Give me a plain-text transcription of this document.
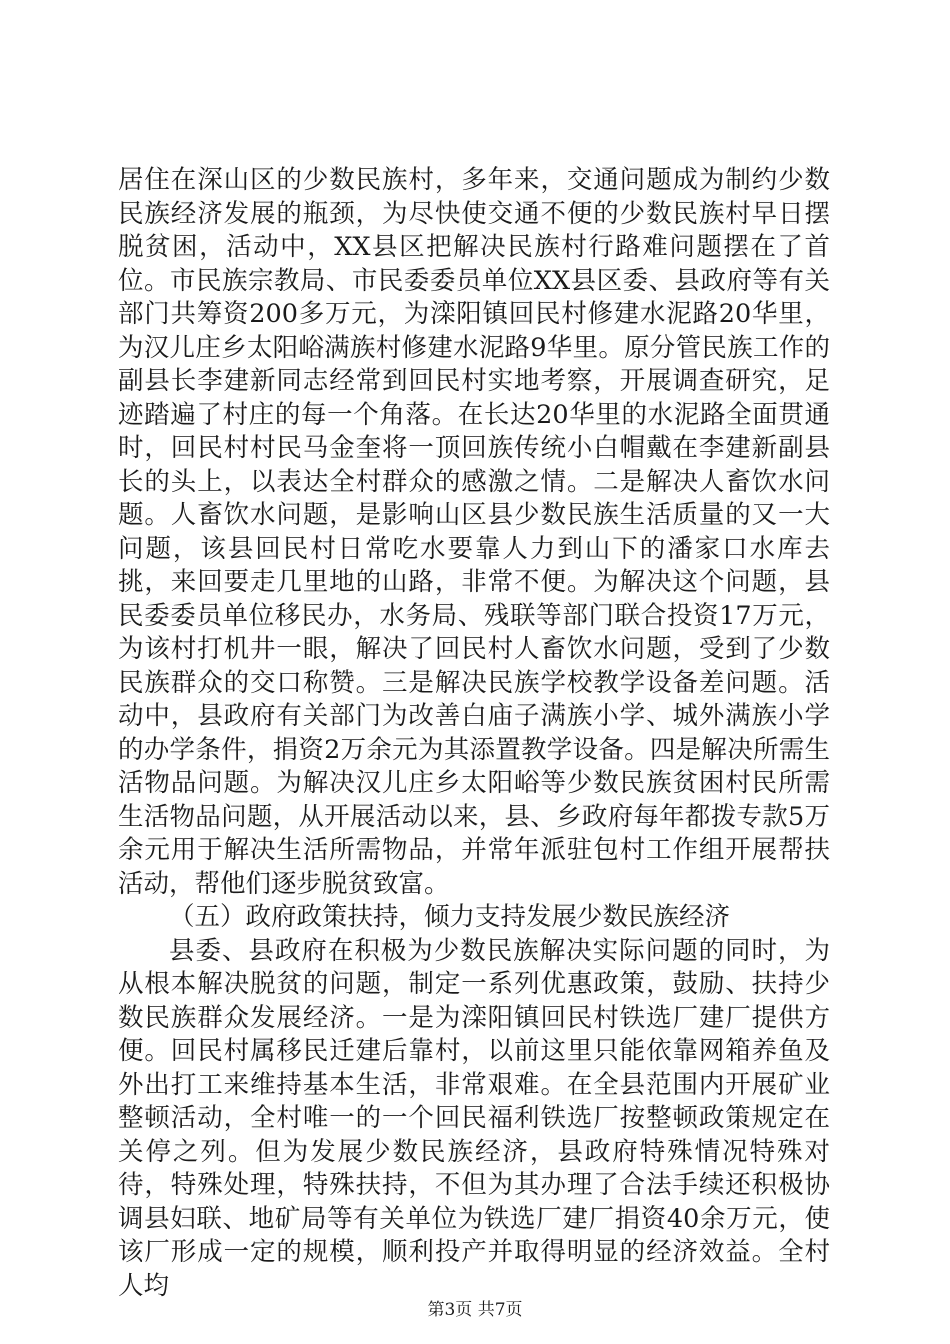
居住在深山区的少数民族村，多年来，交通问题成为制约少数民族经济发展的瓶颈，为尽快使交通不便的少数民族村早日摆脱贫困，活动中，XX县区把解决民族村行路难问题摆在了首位。市民族宗教局、市民委委员单位XX县区委、县政府等有关部门共筹资200多万元，为滦阳镇回民村修建水泥路20华里，为汉儿庄乡太阳峪满族村修建水泥路9华里。原分管民族工作的副县长李建新同志经常到回民村实地考察，开展调查研究，足迹踏遍了村庄的每一个角落。在长达20华里的水泥路全面贯通时，回民村村民马金奎将一顶回族传统小白帽戴在李建新副县长的头上，以表达全村群众的感激之情。二是解决人畜饮水问题。人畜饮水问题，是影响山区县少数民族生活质量的又一大问题，该县回民村日常吃水要靠人力到山下的潘家口水库去挑，来回要走几里地的山路，非常不便。为解决这个问题，县民委委员单位移民办，水务局、残联等部门联合投资17万元，为该村打机井一眼，解决了回民村人畜饮水问题，受到了少数民族群众的交口称赞。三是解决民族学校教学设备差问题。活动中，县政府有关部门为改善白庙子满族小学、城外满族小学的办学条件，捐资2万余元为其添置教学设备。四是解决所需生活物品问题。为解决汉儿庄乡太阳峪等少数民族贫困村民所需生活物品问题，从开展活动以来，县、乡政府每年都拨专款5万余元用于解决生活所需物品，并常年派驻包村工作组开展帮扶活动，帮他们逐步脱贫致富。

（五）政府政策扶持，倾力支持发展少数民族经济

县委、县政府在积极为少数民族解决实际问题的同时，为从根本解决脱贫的问题，制定一系列优惠政策，鼓励、扶持少数民族群众发展经济。一是为滦阳镇回民村铁选厂建厂提供方便。回民村属移民迁建后靠村，以前这里只能依靠网箱养鱼及外出打工来维持基本生活，非常艰难。在全县范围内开展矿业整顿活动，全村唯一的一个回民福利铁选厂按整顿政策规定在关停之列。但为发展少数民族经济，县政府特殊情况特殊对待，特殊处理，特殊扶持，不但为其办理了合法手续还积极协调县妇联、地矿局等有关单位为铁选厂建厂捐资40余万元，使该厂形成一定的规模，顺利投产并取得明显的经济效益。全村人均

第3页 共7页
